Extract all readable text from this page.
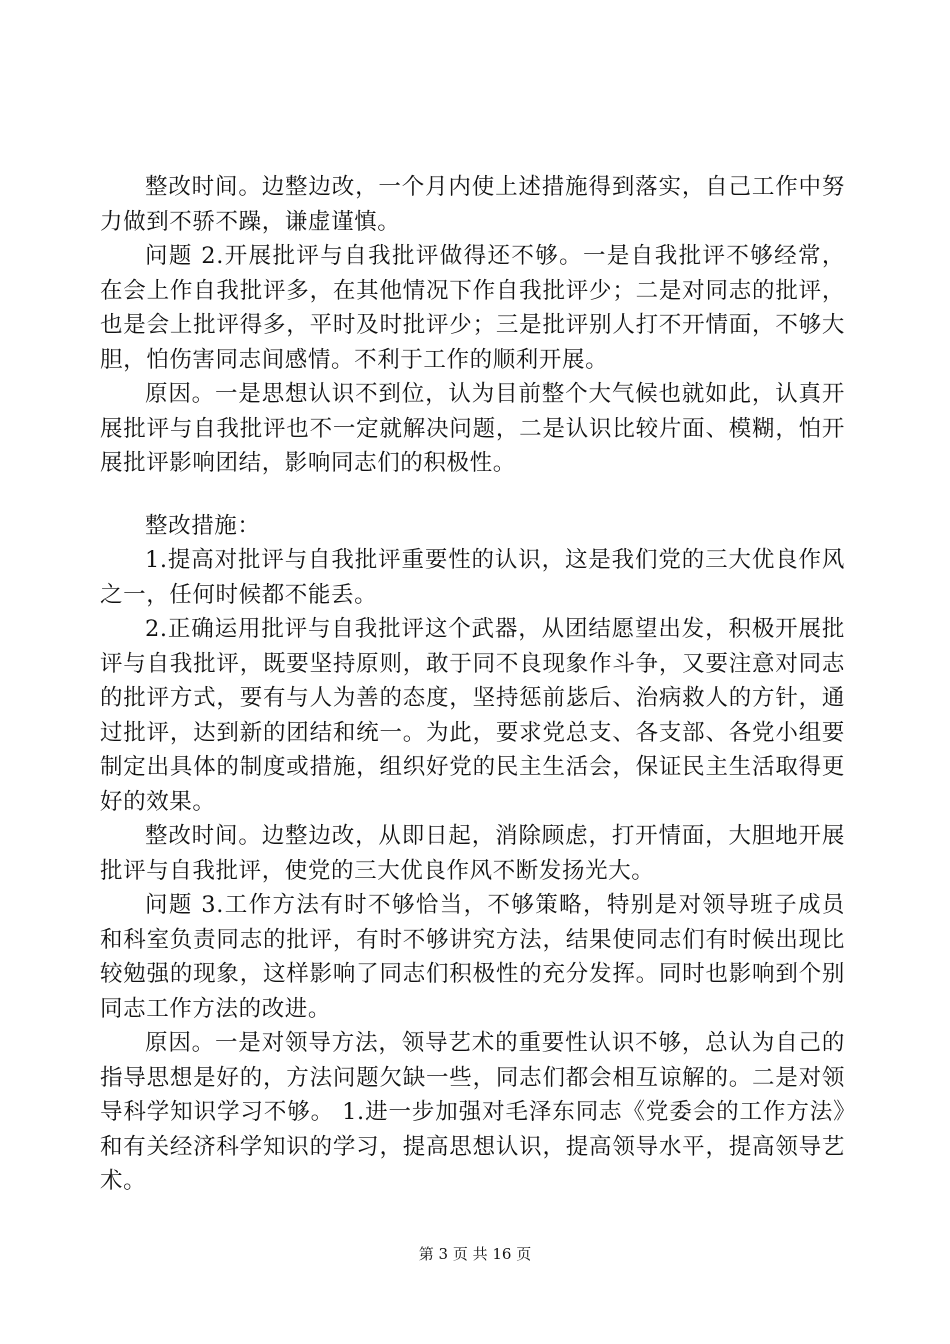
整改时间。边整边改，一个月内使上述措施得到落实，自己工作中努力做到不骄不躁，谦虚谨慎。

问题 2.开展批评与自我批评做得还不够。一是自我批评不够经常，在会上作自我批评多，在其他情况下作自我批评少；二是对同志的批评，也是会上批评得多，平时及时批评少；三是批评别人打不开情面，不够大胆，怕伤害同志间感情。不利于工作的顺利开展。

原因。一是思想认识不到位，认为目前整个大气候也就如此，认真开展批评与自我批评也不一定就解决问题，二是认识比较片面、模糊，怕开展批评影响团结，影响同志们的积极性。

整改措施：

1.提高对批评与自我批评重要性的认识，这是我们党的三大优良作风之一，任何时候都不能丢。

2.正确运用批评与自我批评这个武器，从团结愿望出发，积极开展批评与自我批评，既要坚持原则，敢于同不良现象作斗争，又要注意对同志的批评方式，要有与人为善的态度，坚持惩前毖后、治病救人的方针，通过批评，达到新的团结和统一。为此，要求党总支、各支部、各党小组要制定出具体的制度或措施，组织好党的民主生活会，保证民主生活取得更好的效果。

整改时间。边整边改，从即日起，消除顾虑，打开情面，大胆地开展批评与自我批评，使党的三大优良作风不断发扬光大。

问题 3.工作方法有时不够恰当，不够策略，特别是对领导班子成员和科室负责同志的批评，有时不够讲究方法，结果使同志们有时候出现比较勉强的现象，这样影响了同志们积极性的充分发挥。同时也影响到个别同志工作方法的改进。

原因。一是对领导方法，领导艺术的重要性认识不够，总认为自己的指导思想是好的，方法问题欠缺一些，同志们都会相互谅解的。二是对领导科学知识学习不够。 1.进一步加强对毛泽东同志《党委会的工作方法》和有关经济科学知识的学习，提高思想认识，提高领导水平，提高领导艺术。

第 3 页 共 16 页
